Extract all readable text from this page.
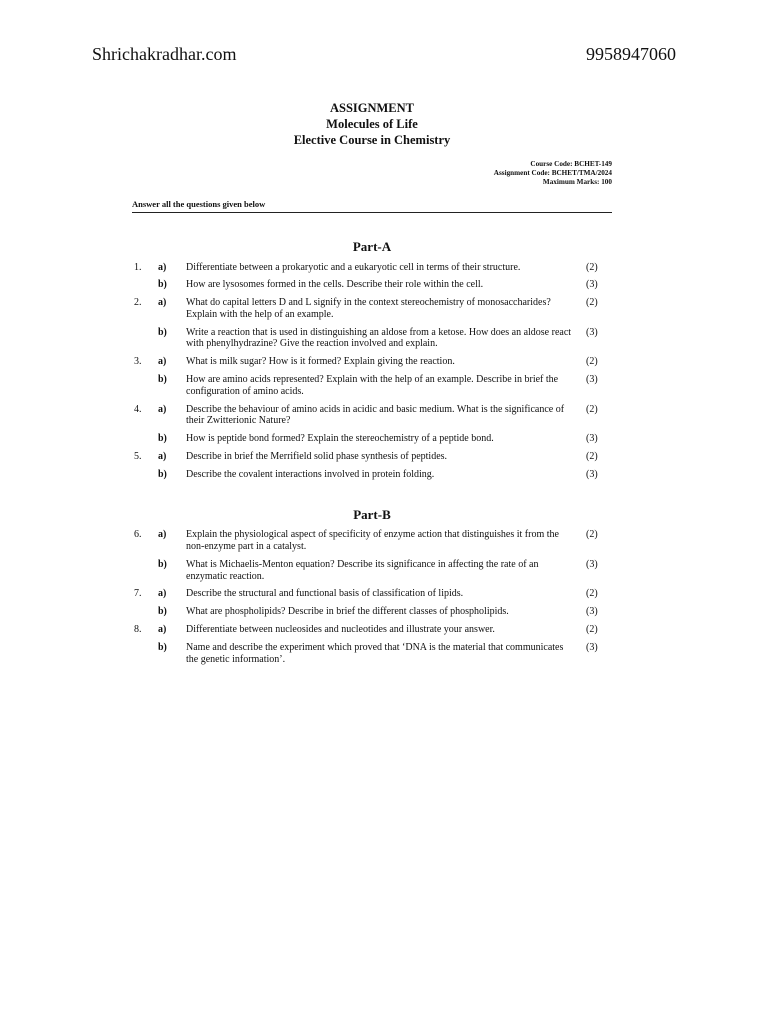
Shrichakradhar.com	9958947060
ASSIGNMENT
Molecules of Life
Elective Course in Chemistry
Course Code: BCHET-149
Assignment Code: BCHET/TMA/2024
Maximum Marks: 100
Answer all the questions given below
Part-A
1.	a)	Differentiate between a prokaryotic and a eukaryotic cell in terms of their structure.	(2)
b)	How are lysosomes formed in the cells. Describe their role within the cell.	(3)
2.	a)	What do capital letters D and L signify in the context stereochemistry of monosaccharides? Explain with the help of an example.
(2)
b)	Write a reaction that is used in distinguishing an aldose from a ketose. How does an aldose react with phenylhydrazine? Give the reaction involved and explain.
(3)
3.	a)	What is milk sugar? How is it formed? Explain giving the reaction.	(2)
b)	How are amino acids represented? Explain with the help of an example. Describe in brief the configuration of amino acids.
(3)
4.	a)	Describe the behaviour of amino acids in acidic and basic medium. What is the significance of their Zwitterionic Nature?
(2)
b)	How is peptide bond formed? Explain the stereochemistry of a peptide bond.	(3)
5.	a)	Describe in brief the Merrifield solid phase synthesis of peptides.	(2)
b)	Describe the covalent interactions involved in protein folding.	(3)
Part-B
6.	a)	Explain the physiological aspect of specificity of enzyme action that distinguishes it from the non-enzyme part in a catalyst.
(2)
b)	What is Michaelis-Menton equation? Describe its significance in affecting the rate of an enzymatic reaction.
(3)
7.	a)	Describe the structural and functional basis of classification of lipids.	(2)
b)	What are phospholipids? Describe in brief the different classes of phospholipids.	(3)
8.	a)	Differentiate between nucleosides and nucleotides and illustrate your answer.	(2)
b)	Name and describe the experiment which proved that ‘DNA is the material that communicates the genetic information’.
(3)
